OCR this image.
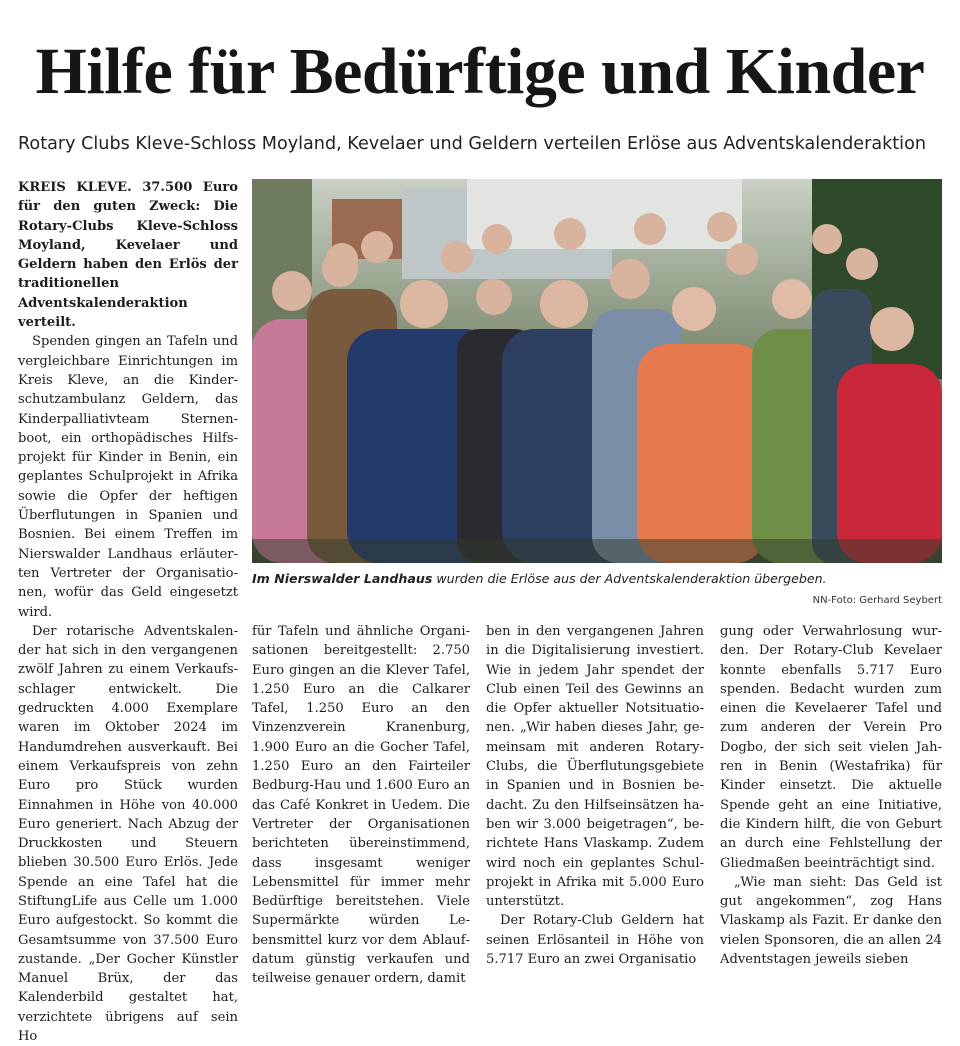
Hilfe für Bedürftige und Kinder

Rotary Clubs Kleve-Schloss Moyland, Kevelaer und Geldern verteilen Erlöse aus Adventskalenderaktion

KREIS KLEVE. 37.500 Euro für den guten Zweck: Die Rotary-Clubs Kleve-Schloss Moyland, Kevelaer und Geldern haben den Erlös der traditionellen Adventskalenderaktion verteilt.

Spenden gingen an Tafeln und vergleichbare Einrichtungen im Kreis Kleve, an die Kinderschutzambulanz Geldern, das Kinderpalliativteam Sternenboot, ein orthopädisches Hilfsprojekt für Kinder in Benin, ein geplantes Schulprojekt in Afrika sowie die Opfer der heftigen Überflutungen in Spanien und Bosnien. Bei einem Treffen im Nierswalder Landhaus erläuterten Vertreter der Organisationen, wofür das Geld eingesetzt wird.

Der rotarische Adventskalender hat sich in den vergangenen zwölf Jahren zu einem Verkaufsschlager entwickelt. Die gedruckten 4.000 Exemplare waren im Oktober 2024 im Handumdrehen ausverkauft. Bei einem Verkaufspreis von zehn Euro pro Stück wurden Einnahmen in Höhe von 40.000 Euro generiert. Nach Abzug der Druckkosten und Steuern blieben 30.500 Euro Erlös. Jede Spende an eine Tafel hat die StiftungLife aus Celle um 1.000 Euro aufgestockt. So kommt die Gesamtsumme von 37.500 Euro zustande. „Der Gocher Künstler Manuel Brüx, der das Kalenderbild gestaltet hat, verzichtete übrigens auf sein Ho

Im Nierswalder Landhaus wurden die Erlöse aus der Adventskalenderaktion übergeben.

NN-Foto: Gerhard Seybert

für Tafeln und ähnliche Organisationen bereitgestellt: 2.750 Euro gingen an die Klever Tafel, 1.250 Euro an die Calkarer Tafel, 1.250 Euro an den Vinzenzverein Kranenburg, 1.900 Euro an die Gocher Tafel, 1.250 Euro an den Fairteiler Bedburg-Hau und 1.600 Euro an das Café Konkret in Uedem. Die Vertreter der Organisationen berichteten übereinstimmend, dass insgesamt weniger Lebensmittel für immer mehr Bedürftige bereitstehen. Viele Supermärkte würden Lebensmittel kurz vor dem Ablaufdatum günstig verkaufen und teilweise genauer ordern, damit

ben in den vergangenen Jahren in die Digitalisierung investiert. Wie in jedem Jahr spendet der Club einen Teil des Gewinns an die Opfer aktueller Notsituationen. „Wir haben dieses Jahr, gemeinsam mit anderen Rotary-Clubs, die Überflutungsgebiete in Spanien und in Bosnien bedacht. Zu den Hilfseinsätzen haben wir 3.000 beigetragen“, berichtete Hans Vlaskamp. Zudem wird noch ein geplantes Schulprojekt in Afrika mit 5.000 Euro unterstützt.

Der Rotary-Club Geldern hat seinen Erlösanteil in Höhe von 5.717 Euro an zwei Organisatio

gung oder Verwahrlosung wurden. Der Rotary-Club Kevelaer konnte ebenfalls 5.717 Euro spenden. Bedacht wurden zum einen die Kevelaerer Tafel und zum anderen der Verein Pro Dogbo, der sich seit vielen Jahren in Benin (Westafrika) für Kinder einsetzt. Die aktuelle Spende geht an eine Initiative, die Kindern hilft, die von Geburt an durch eine Fehlstellung der Gliedmaßen beeinträchtigt sind.

„Wie man sieht: Das Geld ist gut angekommen“, zog Hans Vlaskamp als Fazit. Er danke den vielen Sponsoren, die an allen 24 Adventstagen jeweils sieben
